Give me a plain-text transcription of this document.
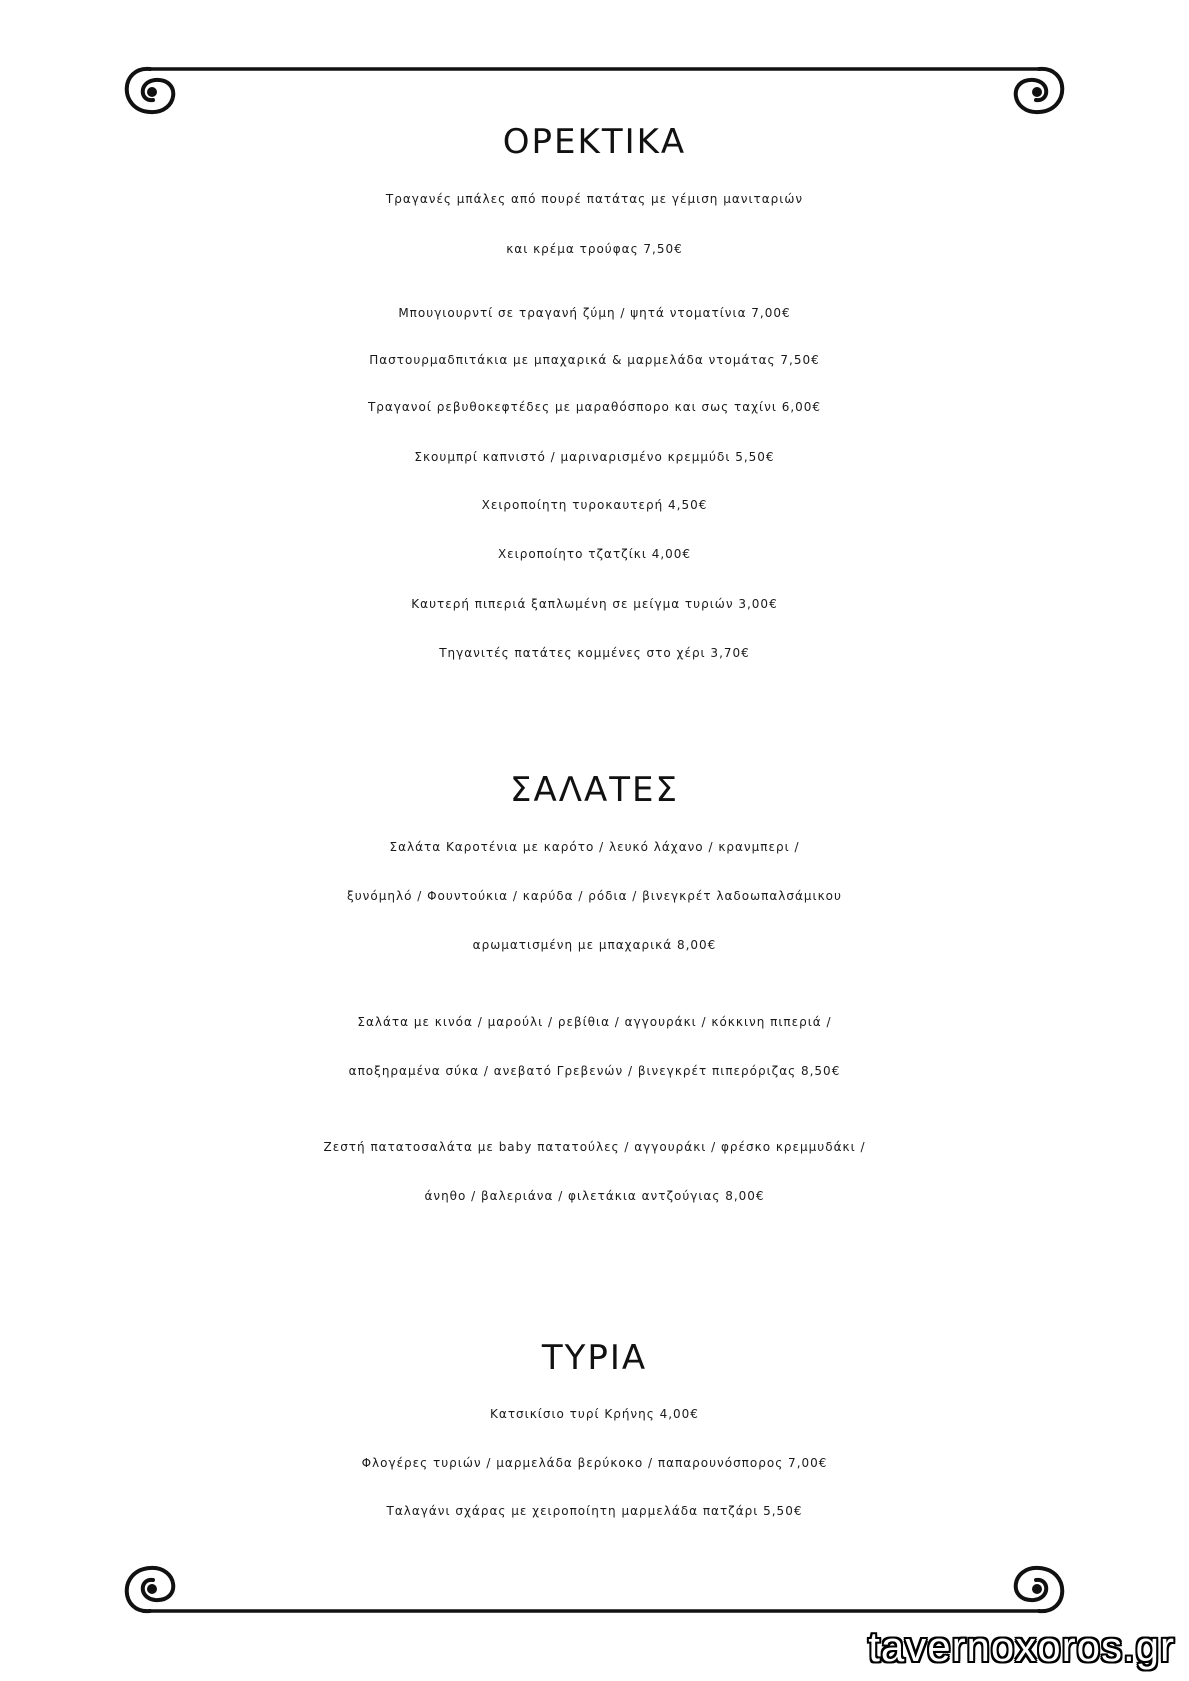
ΟΡΕΚΤΙΚΑ

Τραγανές μπάλες από πουρέ πατάτας με γέμιση μανιταριών

και κρέμα τρούφας 7,50€

Μπουγιουρντί σε τραγανή ζύμη / ψητά ντοματίνια 7,00€

Παστουρμαδπιτάκια με μπαχαρικά & μαρμελάδα ντομάτας 7,50€

Τραγανοί ρεβυθοκεφτέδες με μαραθόσπορο και σως ταχίνι 6,00€

Σκουμπρί καπνιστό / μαριναρισμένο κρεμμύδι 5,50€

Χειροποίητη τυροκαυτερή 4,50€

Χειροποίητο τζατζίκι 4,00€

Καυτερή πιπεριά ξαπλωμένη σε μείγμα τυριών 3,00€

Τηγανιτές πατάτες κομμένες στο χέρι 3,70€

ΣΑΛΑΤΕΣ

Σαλάτα Καροτένια με καρότο / λευκό λάχανο / κρανμπερι /

ξυνόμηλό / Φουντούκια / καρύδα / ρόδια / βινεγκρέτ λαδοωπαλσάμικου

αρωματισμένη με μπαχαρικά 8,00€

Σαλάτα με κινόα / μαρούλι / ρεβίθια / αγγουράκι / κόκκινη πιπεριά /

αποξηραμένα σύκα / ανεβατό Γρεβενών / βινεγκρέτ πιπερόριζας 8,50€

Ζεστή πατατοσαλάτα με baby πατατούλες / αγγουράκι / φρέσκο κρεμμυδάκι /

άνηθο / βαλεριάνα / φιλετάκια αντζούγιας 8,00€

ΤΥΡΙΑ

Κατσικίσιο τυρί Κρήνης 4,00€

Φλογέρες τυριών / μαρμελάδα βερύκοκο / παπαρουνόσπορος 7,00€

Ταλαγάνι σχάρας με χειροποίητη μαρμελάδα πατζάρι 5,50€

tavernoxoros.gr
